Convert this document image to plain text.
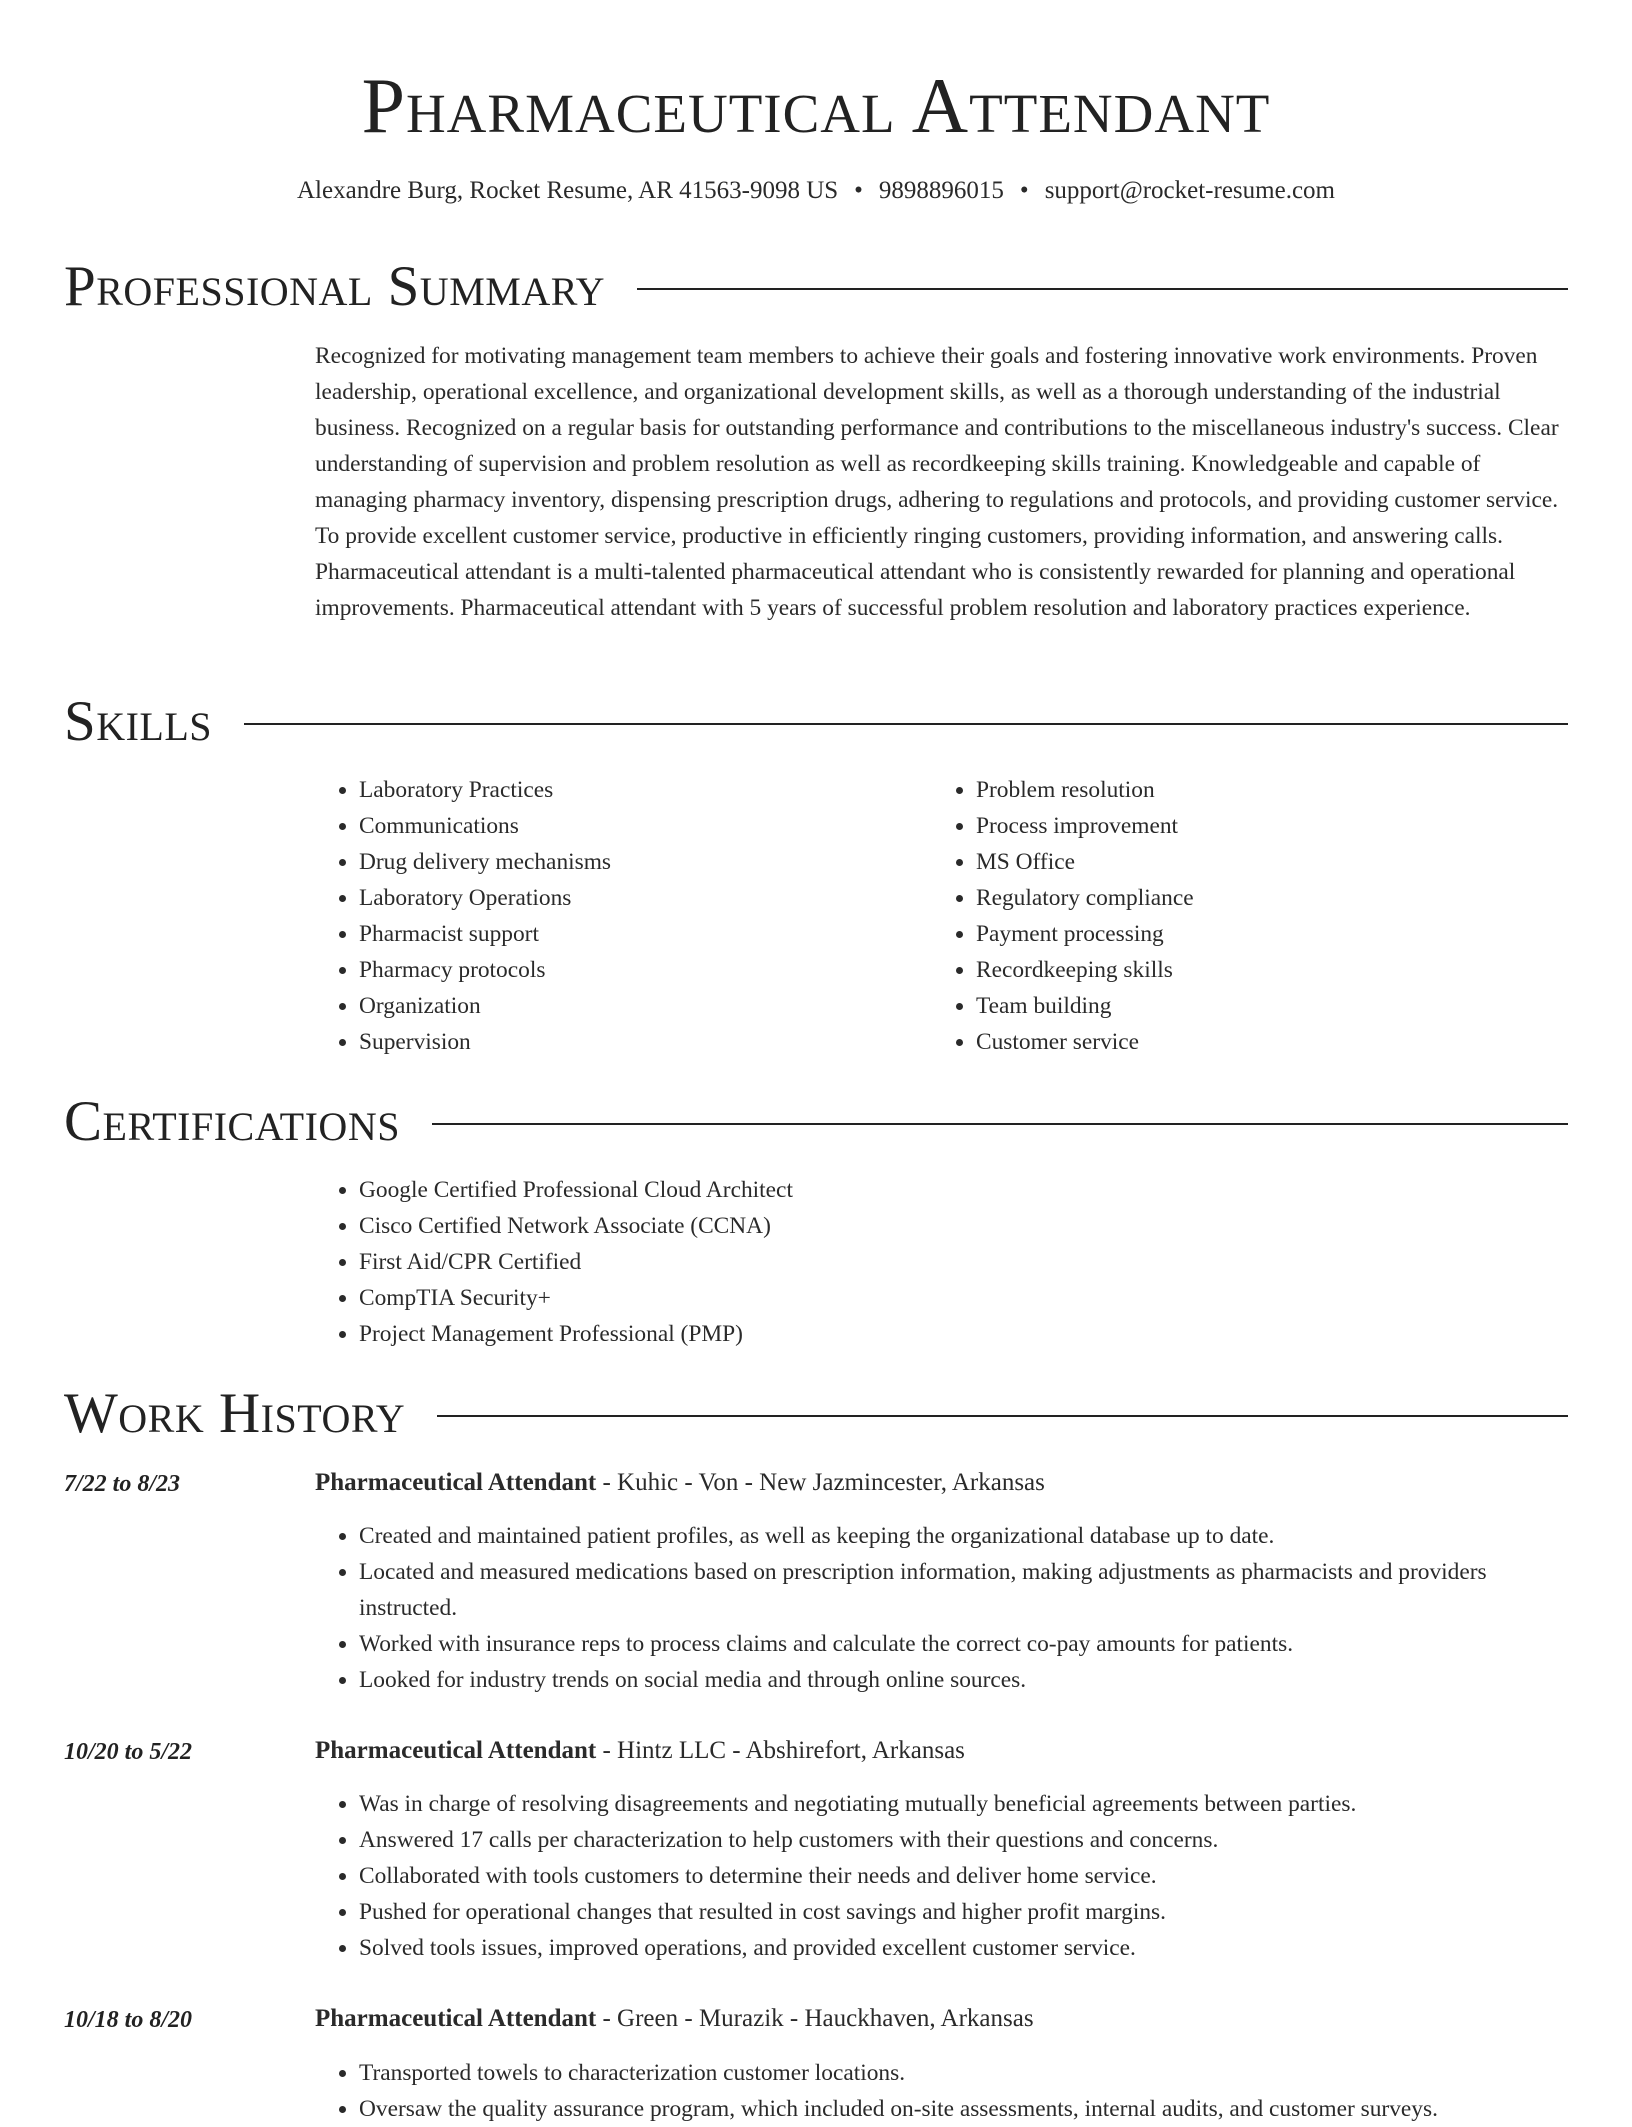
Pharmaceutical Attendant
Alexandre Burg, Rocket Resume, AR 41563-9098 US • 9898896015 • support@rocket-resume.com
Professional Summary

Recognized for motivating management team members to achieve their goals and fostering innovative work environments. Proven leadership, operational excellence, and organizational development skills, as well as a thorough understanding of the industrial business. Recognized on a regular basis for outstanding performance and contributions to the miscellaneous industry's success. Clear understanding of supervision and problem resolution as well as recordkeeping skills training. Knowledgeable and capable of managing pharmacy inventory, dispensing prescription drugs, adhering to regulations and protocols, and providing customer service. To provide excellent customer service, productive in efficiently ringing customers, providing information, and answering calls. Pharmaceutical attendant is a multi-talented pharmaceutical attendant who is consistently rewarded for planning and operational improvements. Pharmaceutical attendant with 5 years of successful problem resolution and laboratory practices experience.

Skills
• Laboratory Practices
• Communications
• Drug delivery mechanisms
• Laboratory Operations
• Pharmacist support
• Pharmacy protocols
• Organization
• Supervision
• Problem resolution
• Process improvement
• MS Office
• Regulatory compliance
• Payment processing
• Recordkeeping skills
• Team building
• Customer service
Certifications
• Google Certified Professional Cloud Architect
• Cisco Certified Network Associate (CCNA)
• First Aid/CPR Certified
• CompTIA Security+
• Project Management Professional (PMP)
Work History
7/22 to 8/23	Pharmaceutical Attendant - Kuhic - Von - New Jazmincester, Arkansas
• Created and maintained patient profiles, as well as keeping the organizational database up to date.
• Located and measured medications based on prescription information, making adjustments as pharmacists and providers instructed.
• Worked with insurance reps to process claims and calculate the correct co-pay amounts for patients.
• Looked for industry trends on social media and through online sources.
10/20 to 5/22	Pharmaceutical Attendant - Hintz LLC - Abshirefort, Arkansas
• Was in charge of resolving disagreements and negotiating mutually beneficial agreements between parties.
• Answered 17 calls per characterization to help customers with their questions and concerns.
• Collaborated with tools customers to determine their needs and deliver home service.
• Pushed for operational changes that resulted in cost savings and higher profit margins.
• Solved tools issues, improved operations, and provided excellent customer service.
10/18 to 8/20	Pharmaceutical Attendant - Green - Murazik - Hauckhaven, Arkansas
• Transported towels to characterization customer locations.
• Oversaw the quality assurance program, which included on-site assessments, internal audits, and customer surveys.
